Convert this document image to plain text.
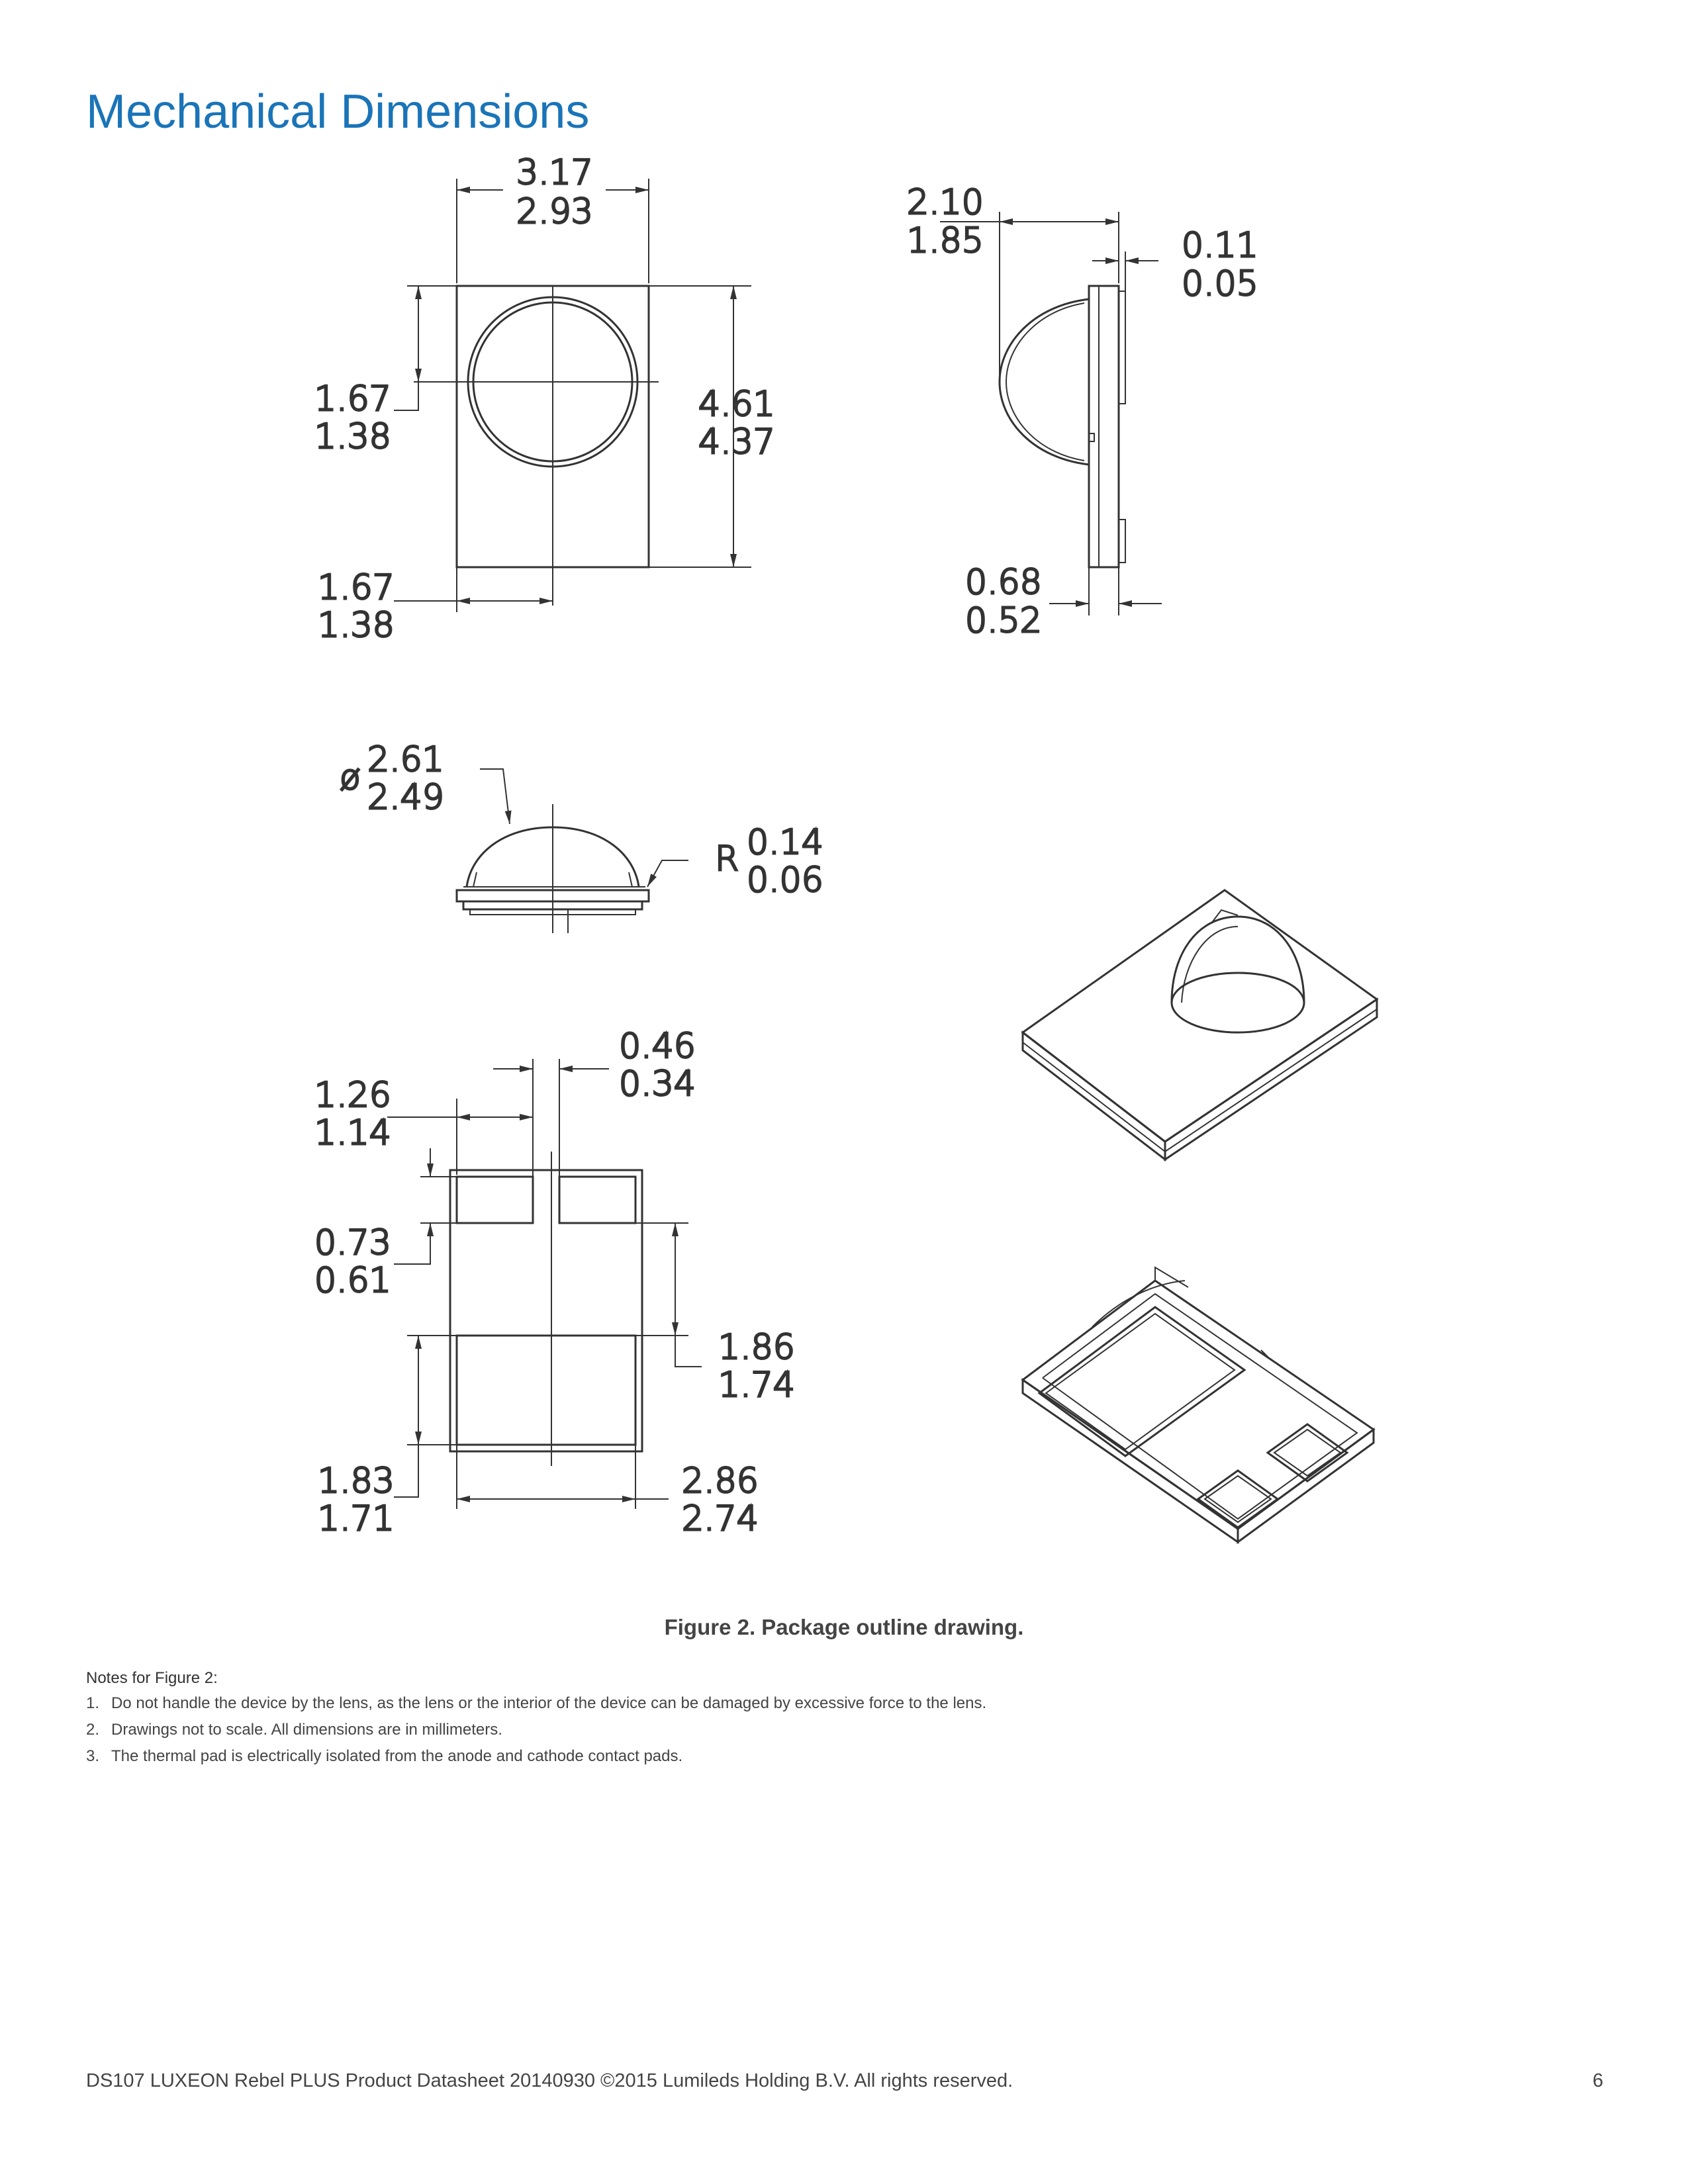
Mechanical Dimensions
3.17
2.93
1.67
1.38
4.61
4.37
1.67
1.38
2.10
1.85	0.11
0.05
0.68
0.52
ø 2.61
2.49
R 0.14
0.06
0.46
0.34
1.26
1.14
0.73
0.61
1.86
1.74
1.83
1.71
2.86
2.74
Figure 2. Package outline drawing.
Notes for Figure 2:
1. Do not handle the device by the lens, as the lens or the interior of the device can be damaged by excessive force to the lens.
2. Drawings not to scale. All dimensions are in millimeters.
3. The thermal pad is electrically isolated from the anode and cathode contact pads.
DS107 LUXEON Rebel PLUS Product Datasheet 20140930 ©2015 Lumileds Holding B.V. All rights reserved.	6
